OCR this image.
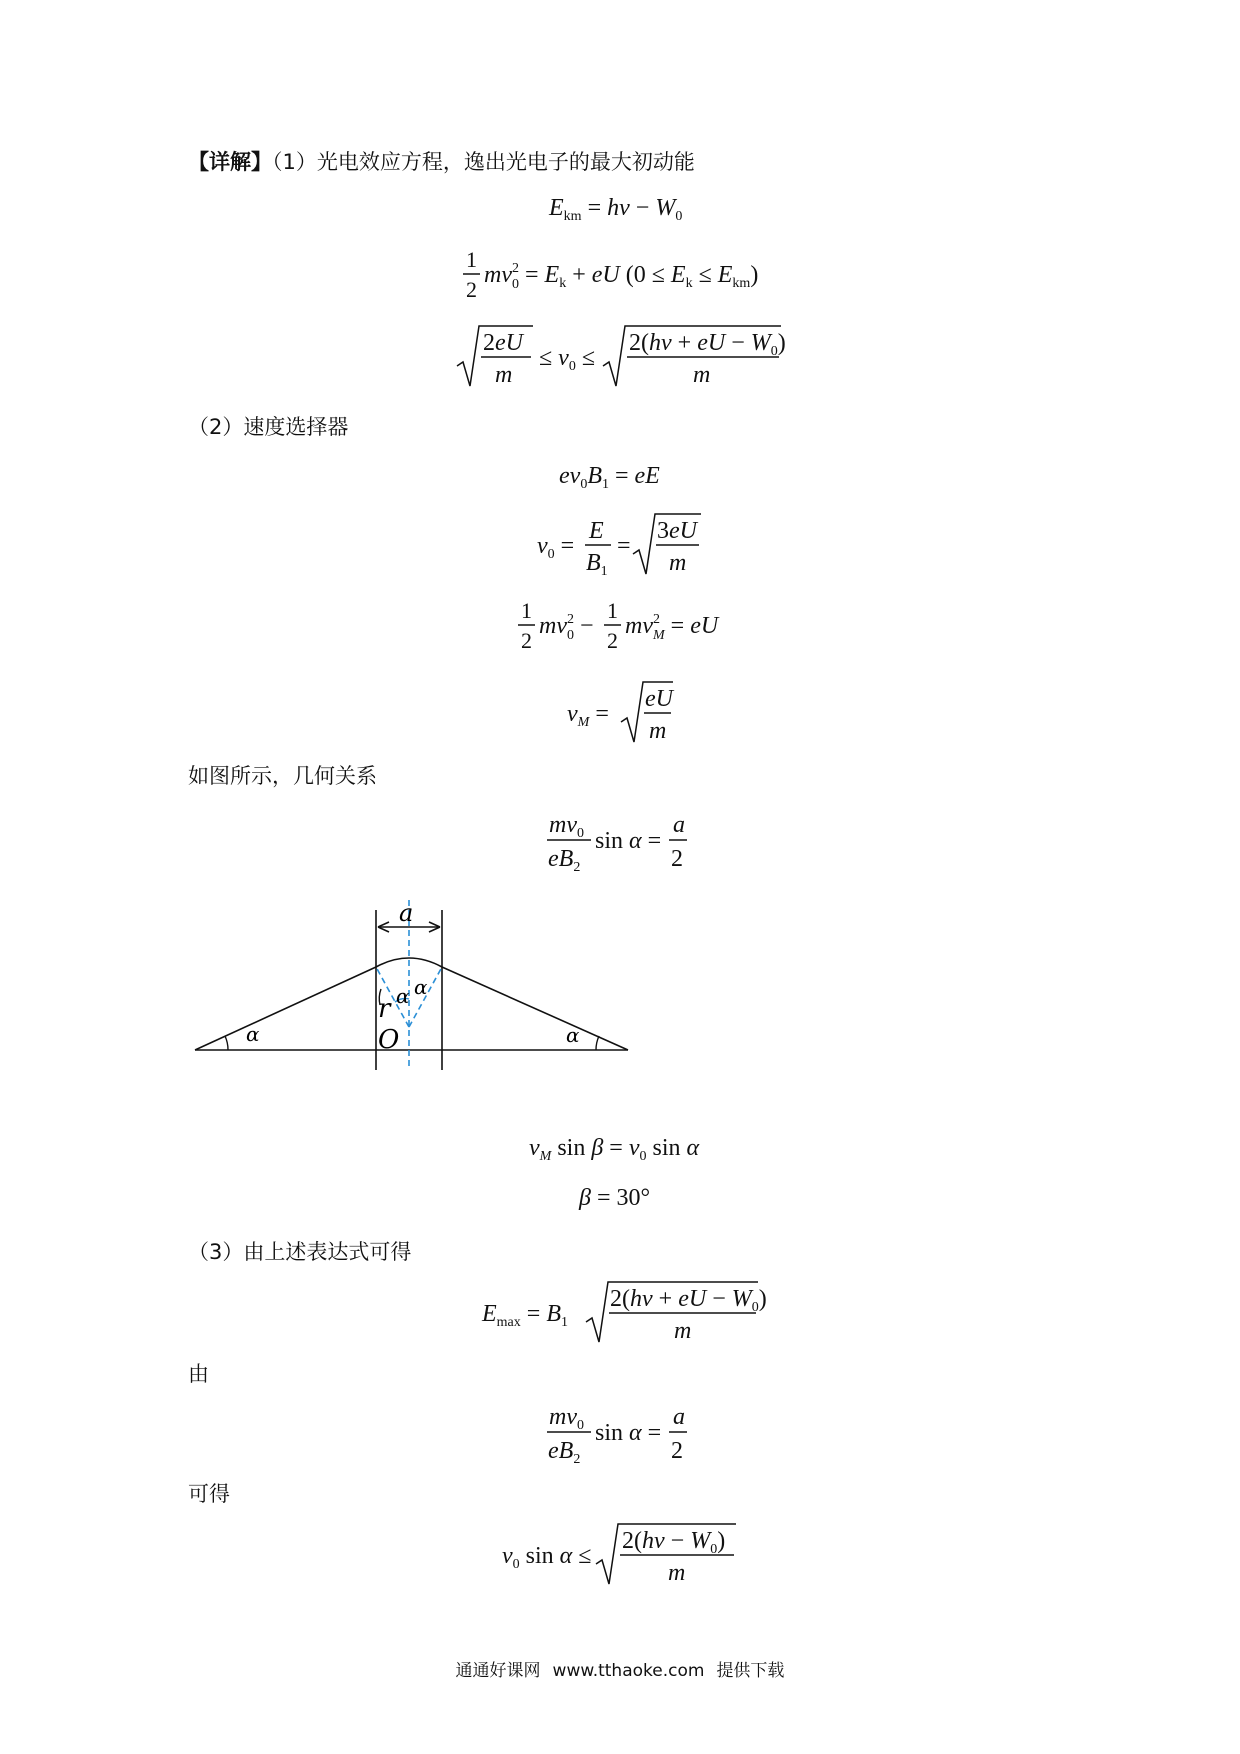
【详解】（1）光电效应方程，逸出光电子的最大初动能
$E_{km} = h\nu - W_0$
1
2
$mv^2$ $0 = E_k$ + eU $(0 \le E_k \le E_{km})$
2eU
m
≤ $v_0$ ≤
2(hν + eU − $W_0$)
m
（2）速度选择器
$ev_0B_1$ = eE
$v_0$ =
E
$B_1$
=
3eU
m
1
2
$mv^2$ 0 −
1
2
$mv^2$ M = eU
$v_M$ =
eU
m
如图所示，几何关系
$mv_0$
$eB_2$
sin α =
a
2
a
α	α
α α
r
O
$v_M$ $\sin \beta = v_0$ sin α
β = 30°
（3）由上述表达式可得
$E_{max} = B_1$
2(hν + eU − $W_0$)
m
由
$mv_0$
$eB_2$
sin α =
a
2
可得
$v_0$ sin α ≤
$2(h\nu - W_0)$
m
通通好课网 www.tthaoke.com 提供下载
